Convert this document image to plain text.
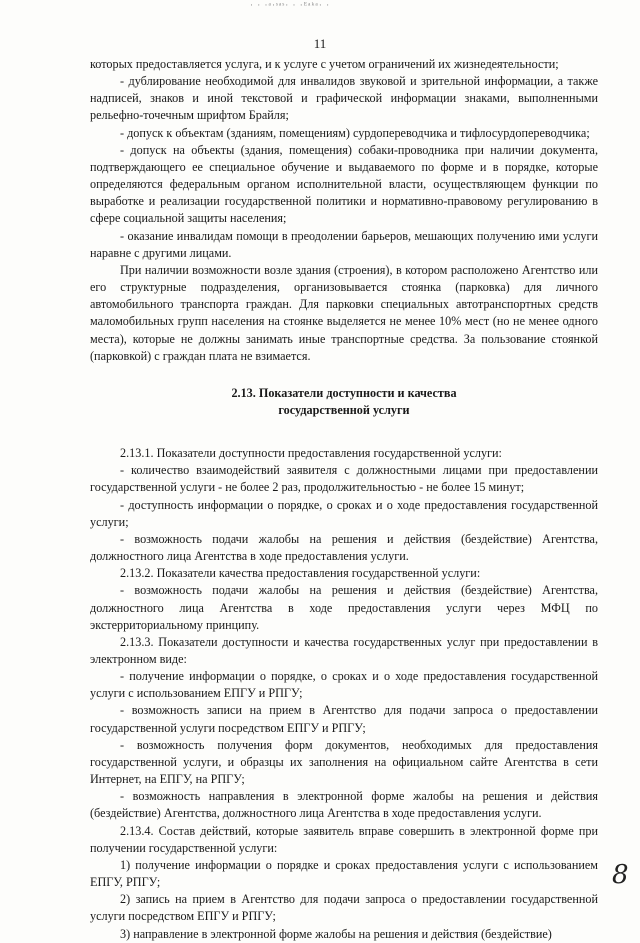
· · ·ᵃ·ˢᵃˢ· · ·ᴱᵃᵏᵃ· ·
11

которых предоставляется услуга, и к услуге с учетом ограничений их жизнедеятельности;

- дублирование необходимой для инвалидов звуковой и зрительной информации, а также надписей, знаков и иной текстовой и графической информации знаками, выполненными рельефно-точечным шрифтом Брайля;

- допуск к объектам (зданиям, помещениям) сурдопереводчика и тифлосурдопереводчика;

- допуск на объекты (здания, помещения) собаки-проводника при наличии документа, подтверждающего ее специальное обучение и выдаваемого по форме и в порядке, которые определяются федеральным органом исполнительной власти, осуществляющем функции по выработке и реализации государственной политики и нормативно-правовому регулированию в сфере социальной защиты населения;

- оказание инвалидам помощи в преодолении барьеров, мешающих получению ими услуги наравне с другими лицами.

При наличии возможности возле здания (строения), в котором расположено Агентство или его структурные подразделения, организовывается стоянка (парковка) для личного автомобильного транспорта граждан. Для парковки специальных автотранспортных средств маломобильных групп населения на стоянке выделяется не менее 10% мест (но не менее одного места), которые не должны занимать иные транспортные средства. За пользование стоянкой (парковкой) с граждан плата не взимается.

2.13. Показатели доступности и качества
государственной услуги

2.13.1. Показатели доступности предоставления государственной услуги:

- количество взаимодействий заявителя с должностными лицами при предоставлении государственной услуги - не более 2 раз, продолжительностью - не более 15 минут;

- доступность информации о порядке, о сроках и о ходе предоставления государственной услуги;

- возможность подачи жалобы на решения и действия (бездействие) Агентства, должностного лица Агентства в ходе предоставления услуги.

2.13.2. Показатели качества предоставления государственной услуги:

- возможность подачи жалобы на решения и действия (бездействие) Агентства, должностного лица Агентства в ходе предоставления услуги через МФЦ по экстерриториальному принципу.

2.13.3. Показатели доступности и качества государственных услуг при предоставлении в электронном виде:

- получение информации о порядке, о сроках и о ходе предоставления государственной услуги с использованием ЕПГУ и РПГУ;

- возможность записи на прием в Агентство для подачи запроса о предоставлении государственной услуги посредством ЕПГУ и РПГУ;

- возможность получения форм документов, необходимых для предоставления государственной услуги, и образцы их заполнения на официальном сайте Агентства в сети Интернет, на ЕПГУ, на РПГУ;

- возможность направления в электронной форме жалобы на решения и действия (бездействие) Агентства, должностного лица Агентства в ходе предоставления услуги.

2.13.4. Состав действий, которые заявитель вправе совершить в электронной форме при получении государственной услуги:

1) получение информации о порядке и сроках предоставления услуги с использованием ЕПГУ, РПГУ;

2) запись на прием в Агентство для подачи запроса о предоставлении государственной услуги посредством ЕПГУ и РПГУ;

3) направление в электронной форме жалобы на решения и действия (бездействие)

8
